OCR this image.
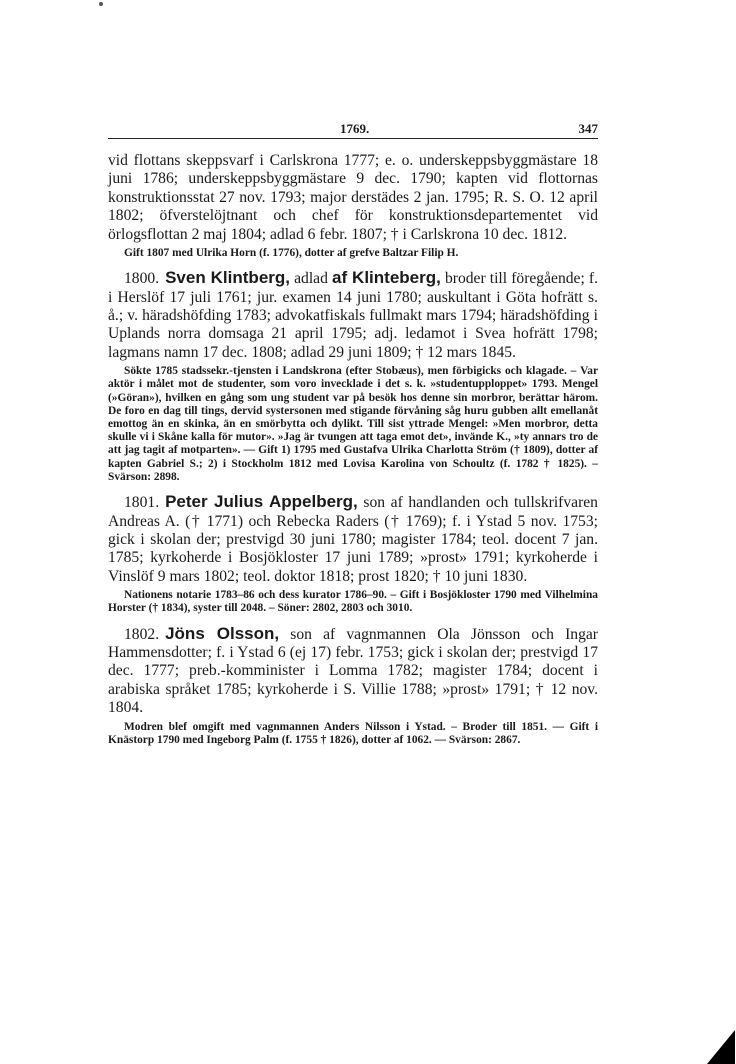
1769.	347

vid flottans skeppsvarf i Carlskrona 1777; e. o. underskeppsbyggmästare 18 juni 1786; underskeppsbyggmästare 9 dec. 1790; kapten vid flottornas konstruktionsstat 27 nov. 1793; major derstädes 2 jan. 1795; R. S. O. 12 april 1802; öfverstelöjtnant och chef för konstruktionsdepartementet vid örlogsflottan 2 maj 1804; adlad 6 febr. 1807; † i Carlskrona 10 dec. 1812.

Gift 1807 med Ulrika Horn (f. 1776), dotter af grefve Baltzar Filip H.

1800. Sven Klintberg, adlad af Klinteberg, broder till föregående; f. i Herslöf 17 juli 1761; jur. examen 14 juni 1780; auskultant i Göta hofrätt s. å.; v. häradshöfding 1783; advokatfiskals fullmakt mars 1794; häradshöfding i Uplands norra domsaga 21 april 1795; adj. ledamot i Svea hofrätt 1798; lagmans namn 17 dec. 1808; adlad 29 juni 1809; † 12 mars 1845.

Sökte 1785 stadssekr.-tjensten i Landskrona (efter Stobæus), men förbigicks och klagade. – Var aktör i målet mot de studenter, som voro invecklade i det s. k. »studentupploppet» 1793. Mengel (»Göran»), hvilken en gång som ung student var på besök hos denne sin morbror, berättar härom. De foro en dag till tings, dervid systersonen med stigande förvåning såg huru gubben allt emellanåt emottog än en skinka, än en smörbytta och dylikt. Till sist yttrade Mengel: »Men morbror, detta skulle vi i Skåne kalla för mutor». »Jag är tvungen att taga emot det», invände K., »ty annars tro de att jag tagit af motparten». — Gift 1) 1795 med Gustafva Ulrika Charlotta Ström († 1809), dotter af kapten Gabriel S.; 2) i Stockholm 1812 med Lovisa Karolina von Schoultz (f. 1782 † 1825). – Svärson: 2898.

1801. Peter Julius Appelberg, son af handlanden och tullskrifvaren Andreas A. († 1771) och Rebecka Raders († 1769); f. i Ystad 5 nov. 1753; gick i skolan der; prestvigd 30 juni 1780; magister 1784; teol. docent 7 jan. 1785; kyrkoherde i Bosjökloster 17 juni 1789; »prost» 1791; kyrkoherde i Vinslöf 9 mars 1802; teol. doktor 1818; prost 1820; † 10 juni 1830.

Nationens notarie 1783–86 och dess kurator 1786–90. – Gift i Bosjökloster 1790 med Vilhelmina Horster († 1834), syster till 2048. – Söner: 2802, 2803 och 3010.

1802. Jöns Olsson, son af vagnmannen Ola Jönsson och Ingar Hammensdotter; f. i Ystad 6 (ej 17) febr. 1753; gick i skolan der; prestvigd 17 dec. 1777; preb.-komminister i Lomma 1782; magister 1784; docent i arabiska språket 1785; kyrkoherde i S. Villie 1788; »prost» 1791; † 12 nov. 1804.

Modren blef omgift med vagnmannen Anders Nilsson i Ystad. – Broder till 1851. — Gift i Knästorp 1790 med Ingeborg Palm (f. 1755 † 1826), dotter af 1062. — Svärson: 2867.
